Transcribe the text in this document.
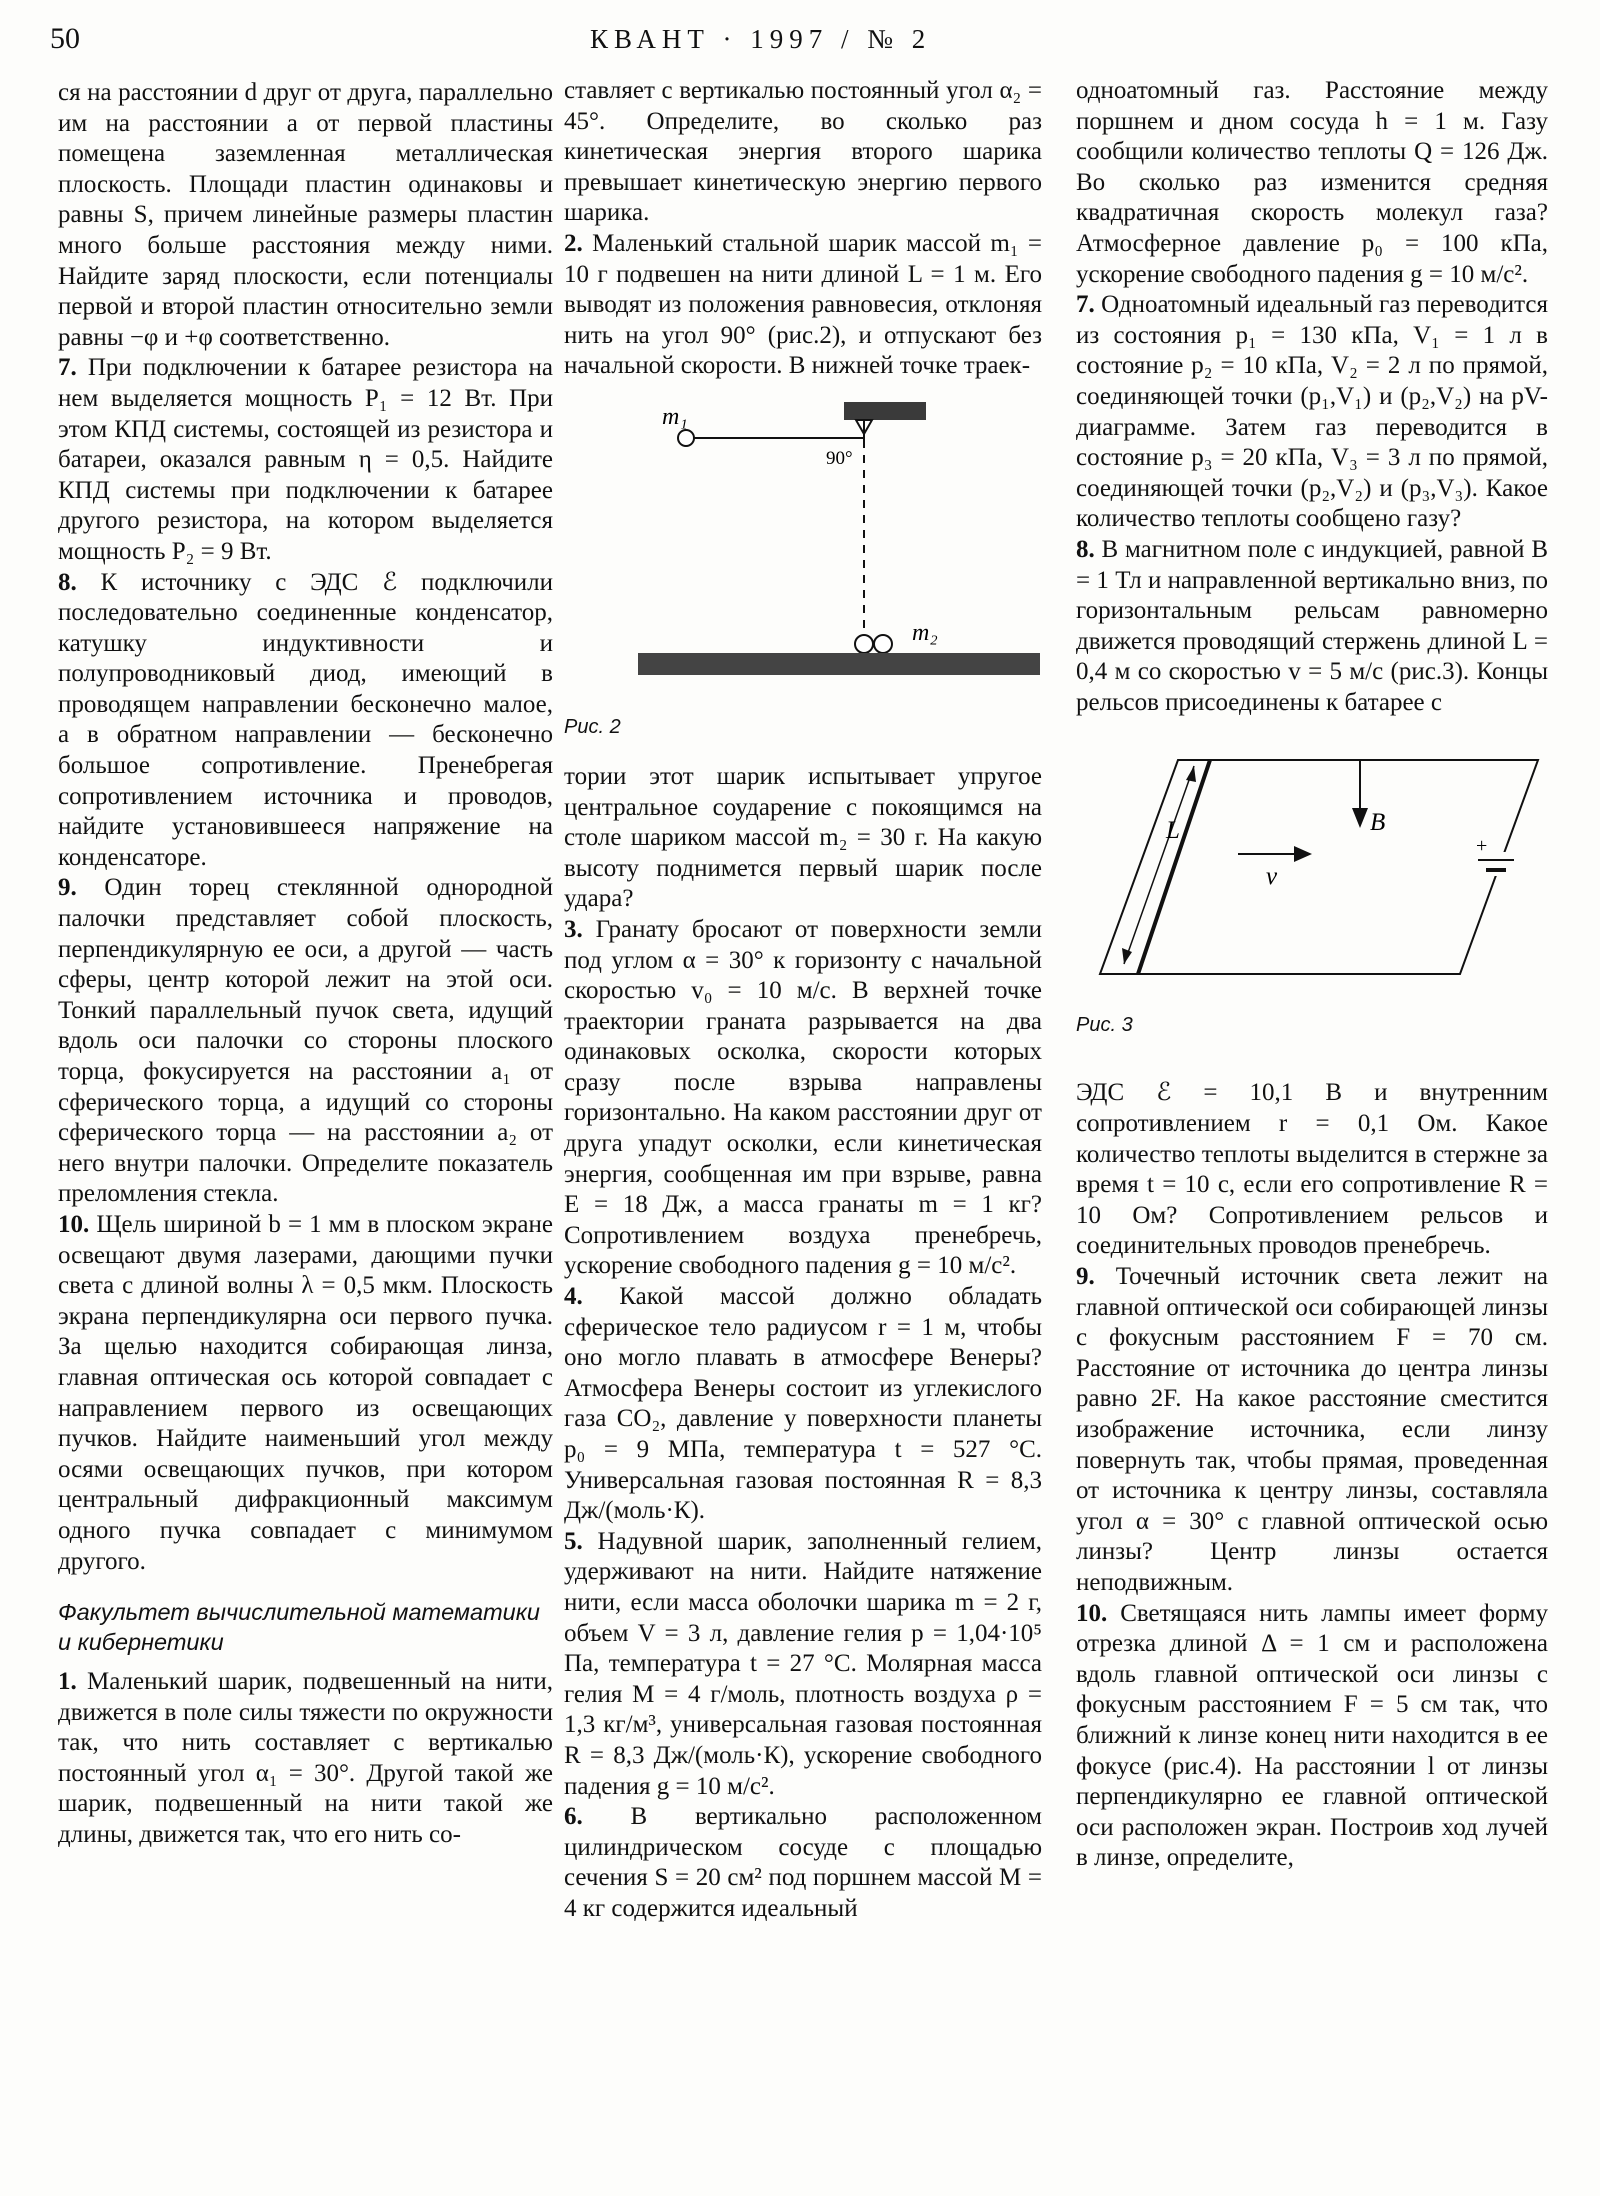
50	КВАНТ · 1997 / № 2

ся на расстоянии d друг от друга, параллельно им на расстоянии a от первой пластины помещена заземленная металлическая плоскость. Площади пластин одинаковы и равны S, причем линейные размеры пластин много больше расстояния между ними. Найдите заряд плоскости, если потенциалы первой и второй пластин относительно земли равны −φ и +φ соответственно.

7. При подключении к батарее резистора на нем выделяется мощность P₁ = 12 Вт. При этом КПД системы, состоящей из резистора и батареи, оказался равным η = 0,5. Найдите КПД системы при подключении к батарее другого резистора, на котором выделяется мощность P₂ = 9 Вт.

8. К источнику с ЭДС ℰ подключили последовательно соединенные конденсатор, катушку индуктивности и полупроводниковый диод, имеющий в проводящем направлении бесконечно малое, а в обратном направлении — бесконечно большое сопротивление. Пренебрегая сопротивлением источника и проводов, найдите установившееся напряжение на конденсаторе.

9. Один торец стеклянной однородной палочки представляет собой плоскость, перпендикулярную ее оси, а другой — часть сферы, центр которой лежит на этой оси. Тонкий параллельный пучок света, идущий вдоль оси палочки со стороны плоского торца, фокусируется на расстоянии a₁ от сферического торца, а идущий со стороны сферического торца — на расстоянии a₂ от него внутри палочки. Определите показатель преломления стекла.

10. Щель шириной b = 1 мм в плоском экране освещают двумя лазерами, дающими пучки света с длиной волны λ = 0,5 мкм. Плоскость экрана перпендикулярна оси первого пучка. За щелью находится собирающая линза, главная оптическая ось которой совпадает с направлением первого из освещающих пучков. Найдите наименьший угол между осями освещающих пучков, при котором центральный дифракционный максимум одного пучка совпадает с минимумом другого.

Факультет вычислительной математики и кибернетики

1. Маленький шарик, подвешенный на нити, движется в поле силы тяжести по окружности так, что нить составляет с вертикалью постоянный угол α₁ = 30°. Другой такой же шарик, подвешенный на нити такой же длины, движется так, что его нить со-

ставляет с вертикалью постоянный угол α₂ = 45°. Определите, во сколько раз кинетическая энергия второго шарика превышает кинетическую энергию первого шарика.

2. Маленький стальной шарик массой m₁ = 10 г подвешен на нити длиной L = 1 м. Его выводят из положения равновесия, отклоняя нить на угол 90° (рис.2), и отпускают без начальной скорости. В нижней точке траек-

m₁
90°
m₂
Рис. 2

тории этот шарик испытывает упругое центральное соударение с покоящимся на столе шариком массой m₂ = 30 г. На какую высоту поднимется первый шарик после удара?

3. Гранату бросают от поверхности земли под углом α = 30° к горизонту с начальной скоростью v₀ = 10 м/с. В верхней точке траектории граната разрывается на два одинаковых осколка, скорости которых сразу после взрыва направлены горизонтально. На каком расстоянии друг от друга упадут осколки, если кинетическая энергия, сообщенная им при взрыве, равна E = 18 Дж, а масса гранаты m = 1 кг? Сопротивлением воздуха пренебречь, ускорение свободного падения g = 10 м/с².

4. Какой массой должно обладать сферическое тело радиусом r = 1 м, чтобы оно могло плавать в атмосфере Венеры? Атмосфера Венеры состоит из углекислого газа CO₂, давление у поверхности планеты p₀ = 9 МПа, температура t = 527 °C. Универсальная газовая постоянная R = 8,3 Дж/(моль·К).

5. Надувной шарик, заполненный гелием, удерживают на нити. Найдите натяжение нити, если масса оболочки шарика m = 2 г, объем V = 3 л, давление гелия p = 1,04·10⁵ Па, температура t = 27 °C. Молярная масса гелия M = 4 г/моль, плотность воздуха ρ = 1,3 кг/м³, универсальная газовая постоянная R = 8,3 Дж/(моль·К), ускорение свободного падения g = 10 м/с².

6. В вертикально расположенном цилиндрическом сосуде с площадью сечения S = 20 см² под поршнем массой M = 4 кг содержится идеальный

одноатомный газ. Расстояние между поршнем и дном сосуда h = 1 м. Газу сообщили количество теплоты Q = 126 Дж. Во сколько раз изменится средняя квадратичная скорость молекул газа? Атмосферное давление p₀ = 100 кПа, ускорение свободного падения g = 10 м/с².

7. Одноатомный идеальный газ переводится из состояния p₁ = 130 кПа, V₁ = 1 л в состояние p₂ = 10 кПа, V₂ = 2 л по прямой, соединяющей точки (p₁,V₁) и (p₂,V₂) на pV-диаграмме. Затем газ переводится в состояние p₃ = 20 кПа, V₃ = 3 л по прямой, соединяющей точки (p₂,V₂) и (p₃,V₃). Какое количество теплоты сообщено газу?

8. В магнитном поле с индукцией, равной B = 1 Тл и направленной вертикально вниз, по горизонтальным рельсам равномерно движется проводящий стержень длиной L = 0,4 м со скоростью v = 5 м/с (рис.3). Концы рельсов присоединены к батарее с

L	B
v
+
Рис. 3

ЭДС ℰ = 10,1 В и внутренним сопротивлением r = 0,1 Ом. Какое количество теплоты выделится в стержне за время t = 10 с, если его сопротивление R = 10 Ом? Сопротивлением рельсов и соединительных проводов пренебречь.

9. Точечный источник света лежит на главной оптической оси собирающей линзы с фокусным расстоянием F = 70 см. Расстояние от источника до центра линзы равно 2F. На какое расстояние сместится изображение источника, если линзу повернуть так, чтобы прямая, проведенная от источника к центру линзы, составляла угол α = 30° с главной оптической осью линзы? Центр линзы остается неподвижным.

10. Светящаяся нить лампы имеет форму отрезка длиной Δ = 1 см и расположена вдоль главной оптической оси линзы с фокусным расстоянием F = 5 см так, что ближний к линзе конец нити находится в ее фокусе (рис.4). На расстоянии l от линзы перпендикулярно ее главной оптической оси расположен экран. Построив ход лучей в линзе, определите,
